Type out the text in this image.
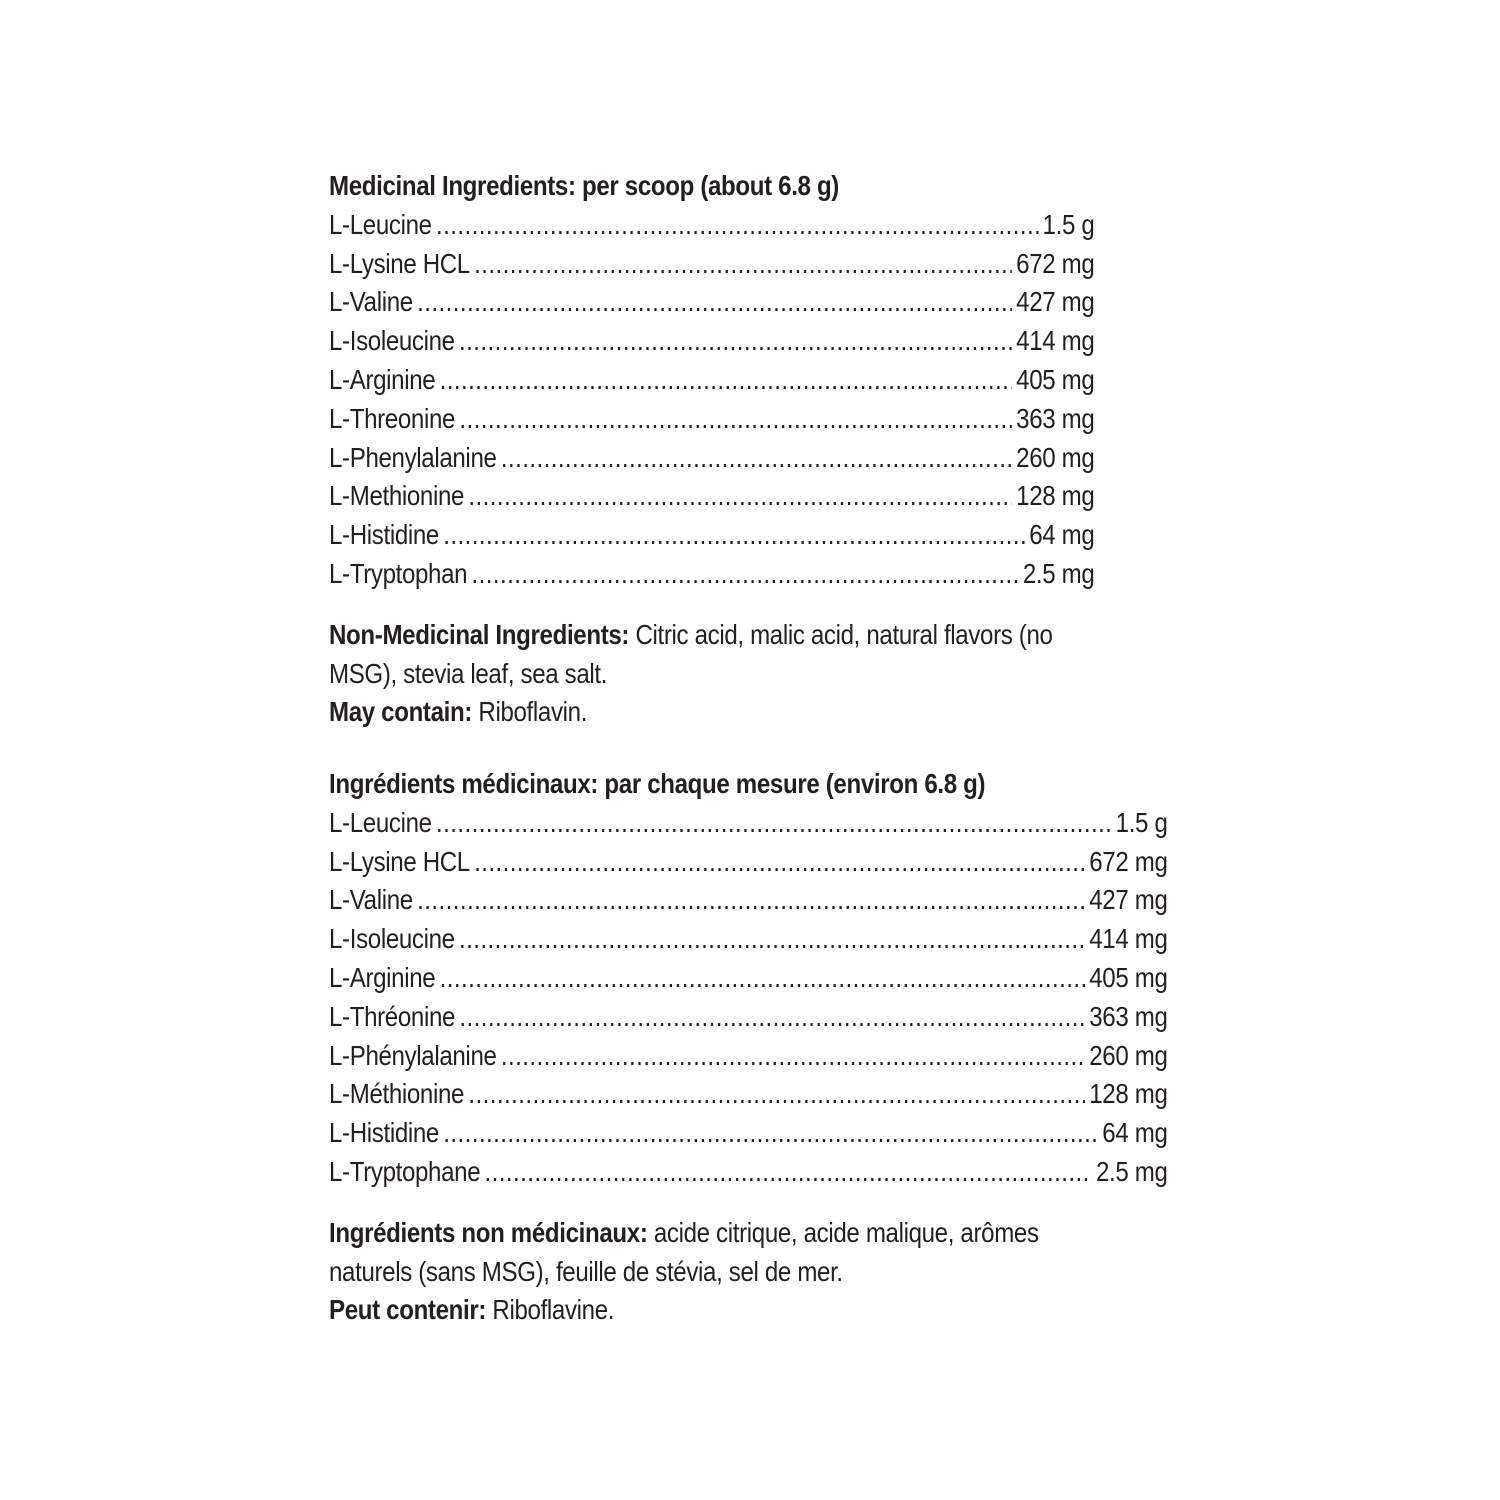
Medicinal Ingredients: per scoop (about 6.8 g)
L-Leucine .....	1.5 g
L-Lysine HCL .....	672 mg
L-Valine .....	427 mg
L-Isoleucine .....	414 mg
L-Arginine .....	405 mg
L-Threonine .....	363 mg
L-Phenylalanine .....	260 mg
L-Methionine .....	128 mg
L-Histidine .....	64 mg
L-Tryptophan .....	2.5 mg

Non-Medicinal Ingredients: Citric acid, malic acid, natural flavors (no MSG), stevia leaf, sea salt.

May contain: Riboflavin.

Ingrédients médicinaux: par chaque mesure (environ 6.8 g)
L-Leucine .....	1.5 g
L-Lysine HCL .....	672 mg
L-Valine .....	427 mg
L-Isoleucine .....	414 mg
L-Arginine .....	405 mg
L-Thréonine .....	363 mg
L-Phénylalanine .....	260 mg
L-Méthionine .....	128 mg
L-Histidine .....	64 mg
L-Tryptophane .....	2.5 mg

Ingrédients non médicinaux: acide citrique, acide malique, arômes naturels (sans MSG), feuille de stévia, sel de mer.

Peut contenir: Riboflavine.
